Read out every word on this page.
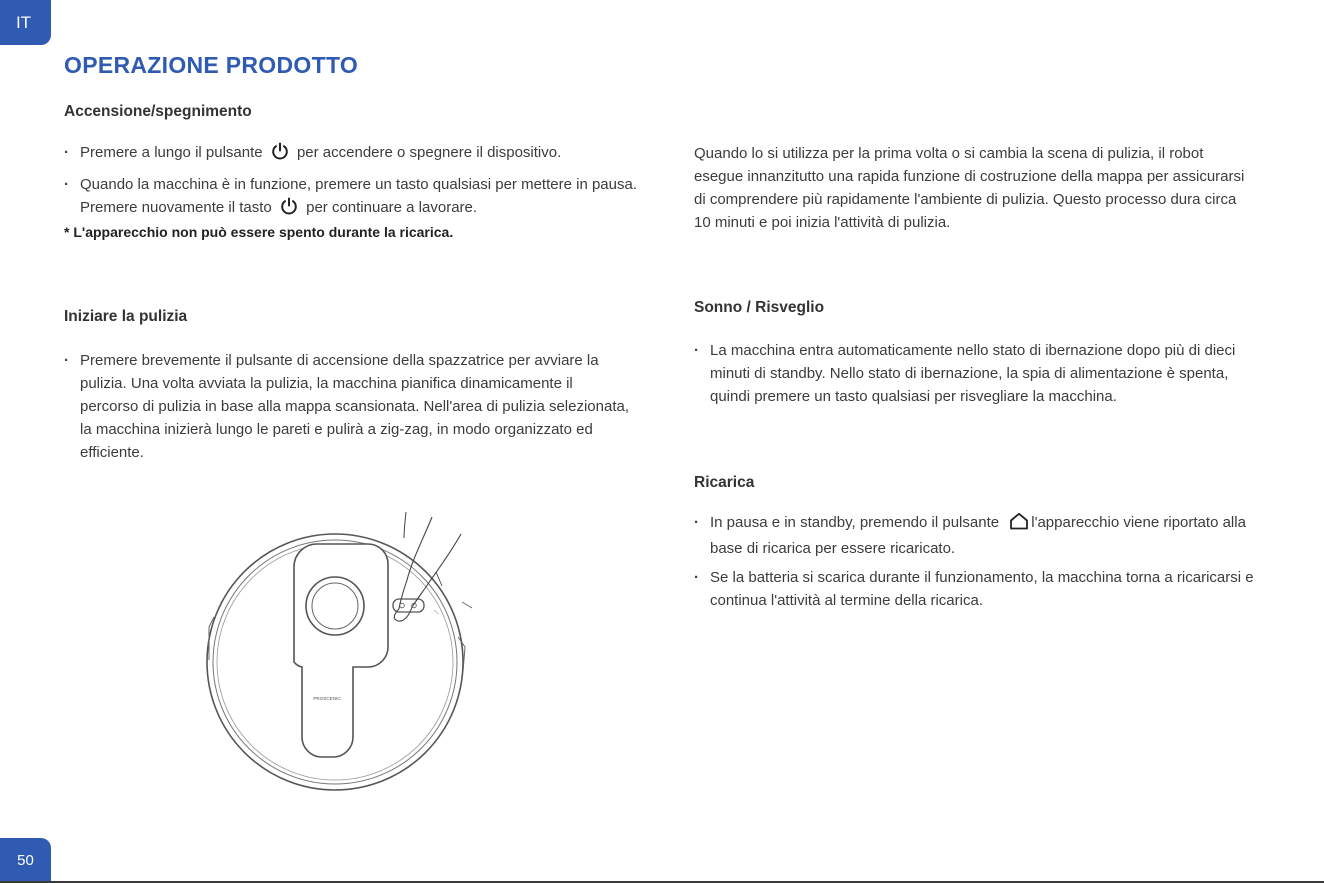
IT
OPERAZIONE PRODOTTO
Accensione/spegnimento
· Premere a lungo il pulsante per accendere o spegnere il dispositivo.
· Quando la macchina è in funzione, premere un tasto qualsiasi per mettere in pausa. Premere nuovamente il tasto per continuare a lavorare.

* L'apparecchio non può essere spento durante la ricarica.

Iniziare la pulizia
· Premere brevemente il pulsante di accensione della spazzatrice per avviare la pulizia. Una volta avviata la pulizia, la macchina pianifica dinamicamente il percorso di pulizia in base alla mappa scansionata. Nell'area di pulizia selezionata, la macchina inizierà lungo le pareti e pulirà a zig-zag, in modo organizzato ed efficiente.
PROSCENIC

Quando lo si utilizza per la prima volta o si cambia la scena di pulizia, il robot esegue innanzitutto una rapida funzione di costruzione della mappa per assicurarsi di comprendere più rapidamente l'ambiente di pulizia. Questo processo dura circa 10 minuti e poi inizia l'attività di pulizia.

Sonno / Risveglio
· La macchina entra automaticamente nello stato di ibernazione dopo più di dieci minuti di standby. Nello stato di ibernazione, la spia di alimentazione è spenta, quindi premere un tasto qualsiasi per risvegliare la macchina.
Ricarica
· In pausa e in standby, premendo il pulsante l'apparecchio viene riportato alla base di ricarica per essere ricaricato.
· Se la batteria si scarica durante il funzionamento, la macchina torna a ricaricarsi e continua l'attività al termine della ricarica.
50
